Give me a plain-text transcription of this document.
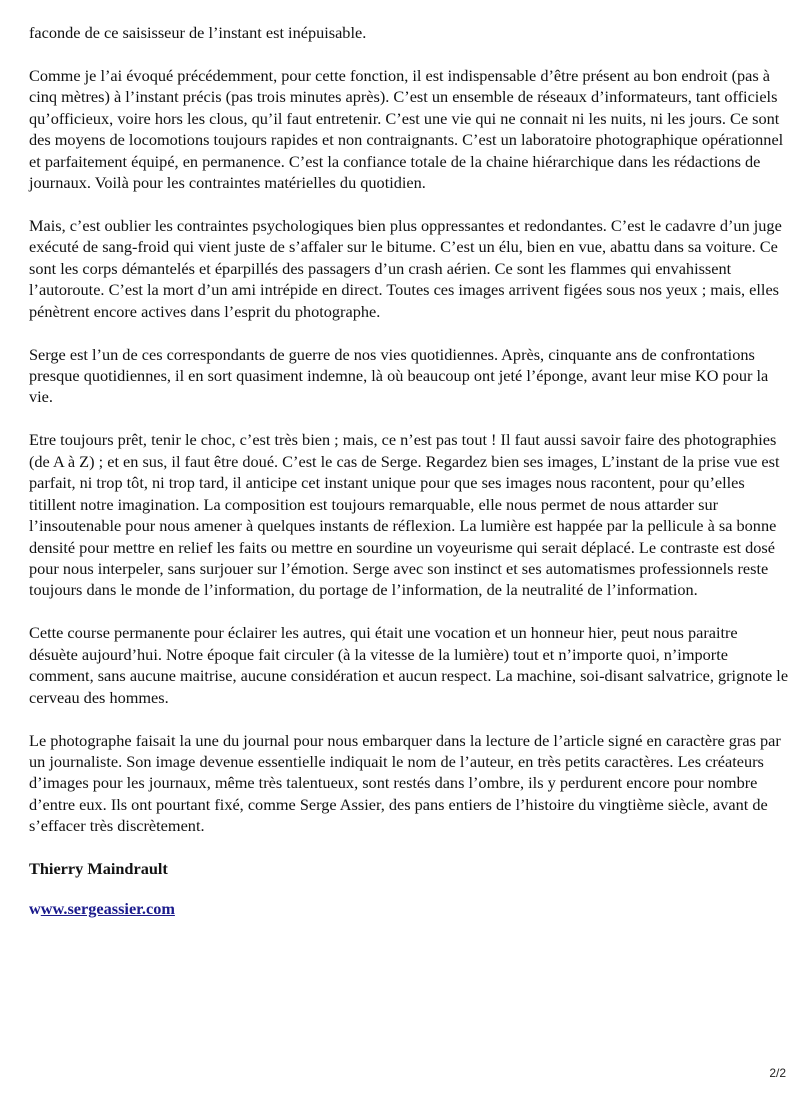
faconde de ce saisisseur de l’instant est inépuisable.

Comme je l’ai évoqué précédemment, pour cette fonction, il est indispensable d’être présent au bon endroit (pas à cinq mètres) à l’instant précis (pas trois minutes après). C’est un ensemble de réseaux d’informateurs, tant officiels qu’officieux, voire hors les clous, qu’il faut entretenir. C’est une vie qui ne connait ni les nuits, ni les jours. Ce sont des moyens de locomotions toujours rapides et non contraignants. C’est un laboratoire photographique opérationnel et parfaitement équipé, en permanence. C’est la confiance totale de la chaine hiérarchique dans les rédactions de journaux. Voilà pour les contraintes matérielles du quotidien.

Mais, c’est oublier les contraintes psychologiques bien plus oppressantes et redondantes. C’est le cadavre d’un juge exécuté de sang-froid qui vient juste de s’affaler sur le bitume. C’est un élu, bien en vue, abattu dans sa voiture. Ce sont les corps démantelés et éparpillés des passagers d’un crash aérien. Ce sont les flammes qui envahissent l’autoroute. C’est la mort d’un ami intrépide en direct. Toutes ces images arrivent figées sous nos yeux ; mais, elles pénètrent encore actives dans l’esprit du photographe.

Serge est l’un de ces correspondants de guerre de nos vies quotidiennes. Après, cinquante ans de confrontations presque quotidiennes, il en sort quasiment indemne, là où beaucoup ont jeté l’éponge, avant leur mise KO pour la vie.

Etre toujours prêt, tenir le choc, c’est très bien ; mais, ce n’est pas tout ! Il faut aussi savoir faire des photographies (de A à Z) ; et en sus, il faut être doué. C’est le cas de Serge. Regardez bien ses images, L’instant de la prise vue est parfait, ni trop tôt, ni trop tard, il anticipe cet instant unique pour que ses images nous racontent, pour qu’elles titillent notre imagination. La composition est toujours remarquable, elle nous permet de nous attarder sur l’insoutenable pour nous amener à quelques instants de réflexion. La lumière est happée par la pellicule à sa bonne densité pour mettre en relief les faits ou mettre en sourdine un voyeurisme qui serait déplacé. Le contraste est dosé pour nous interpeler, sans surjouer sur l’émotion. Serge avec son instinct et ses automatismes professionnels reste toujours dans le monde de l’information, du portage de l’information, de la neutralité de l’information.

Cette course permanente pour éclairer les autres, qui était une vocation et un honneur hier, peut nous paraitre désuète aujourd’hui. Notre époque fait circuler (à la vitesse de la lumière) tout et n’importe quoi, n’importe comment, sans aucune maitrise, aucune considération et aucun respect. La machine, soi-disant salvatrice, grignote le cerveau des hommes.

Le photographe faisait la une du journal pour nous embarquer dans la lecture de l’article signé en caractère gras par un journaliste. Son image devenue essentielle indiquait le nom de l’auteur, en très petits caractères. Les créateurs d’images pour les journaux, même très talentueux, sont restés dans l’ombre, ils y perdurent encore pour nombre d’entre eux. Ils ont pourtant fixé, comme Serge Assier, des pans entiers de l’histoire du vingtième siècle, avant de s’effacer très discrètement.

Thierry Maindrault

www.sergeassier.com

2/2
